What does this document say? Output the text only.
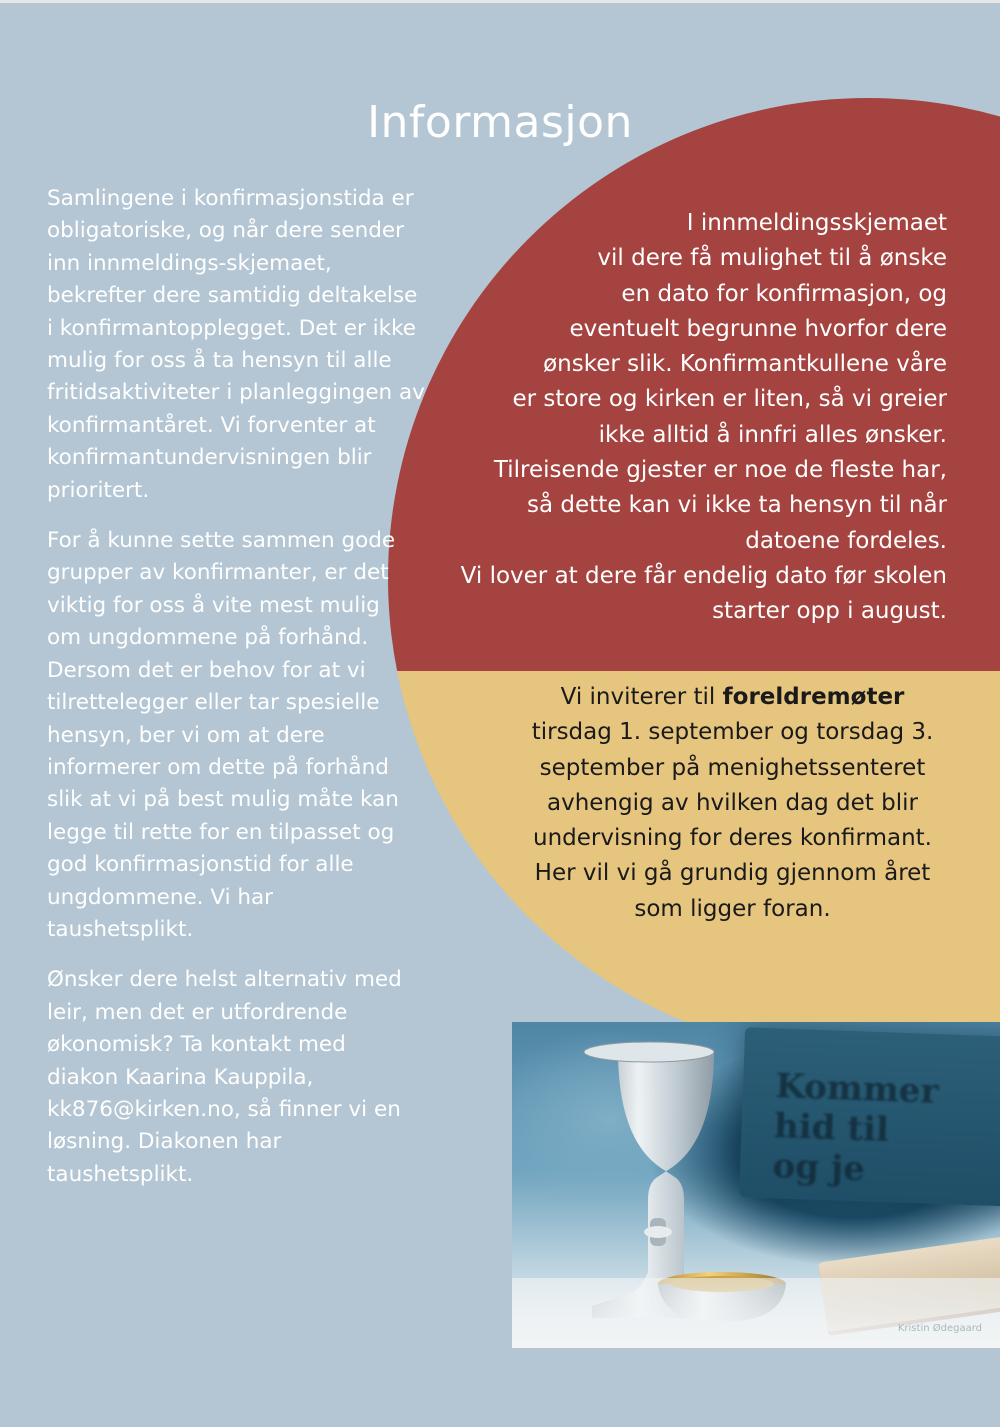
Informasjon

Samlingene i konfirmasjonstida er
obligatoriske, og når dere sender
inn innmeldings-skjemaet,
bekrefter dere samtidig deltakelse
i konfirmantopplegget. Det er ikke
mulig for oss å ta hensyn til alle
fritidsaktiviteter i planleggingen av
konfirmantåret. Vi forventer at
konfirmantundervisningen blir
prioritert.

For å kunne sette sammen gode
grupper av konfirmanter, er det
viktig for oss å vite mest mulig
om ungdommene på forhånd.
Dersom det er behov for at vi
tilrettelegger eller tar spesielle
hensyn, ber vi om at dere
informerer om dette på forhånd
slik at vi på best mulig måte kan
legge til rette for en tilpasset og
god konfirmasjonstid for alle
ungdommene. Vi har
taushetsplikt.

Ønsker dere helst alternativ med
leir, men det er utfordrende
økonomisk? Ta kontakt med
diakon Kaarina Kauppila,
kk876@kirken.no, så finner vi en
løsning. Diakonen har
taushetsplikt.

I innmeldingsskjemaet
vil dere få mulighet til å ønske
en dato for konfirmasjon, og
eventuelt begrunne hvorfor dere
ønsker slik. Konfirmantkullene våre
er store og kirken er liten, så vi greier
ikke alltid å innfri alles ønsker.
Tilreisende gjester er noe de fleste har,
så dette kan vi ikke ta hensyn til når
datoene fordeles.
Vi lover at dere får endelig dato før skolen
starter opp i august.
Vi inviterer til foreldremøter
tirsdag 1. september og torsdag 3.
september på menighetssenteret
avhengig av hvilken dag det blir
undervisning for deres konfirmant.
Her vil vi gå grundig gjennom året
som ligger foran.
Kommer hid til
og je
Kristin Ødegaard
